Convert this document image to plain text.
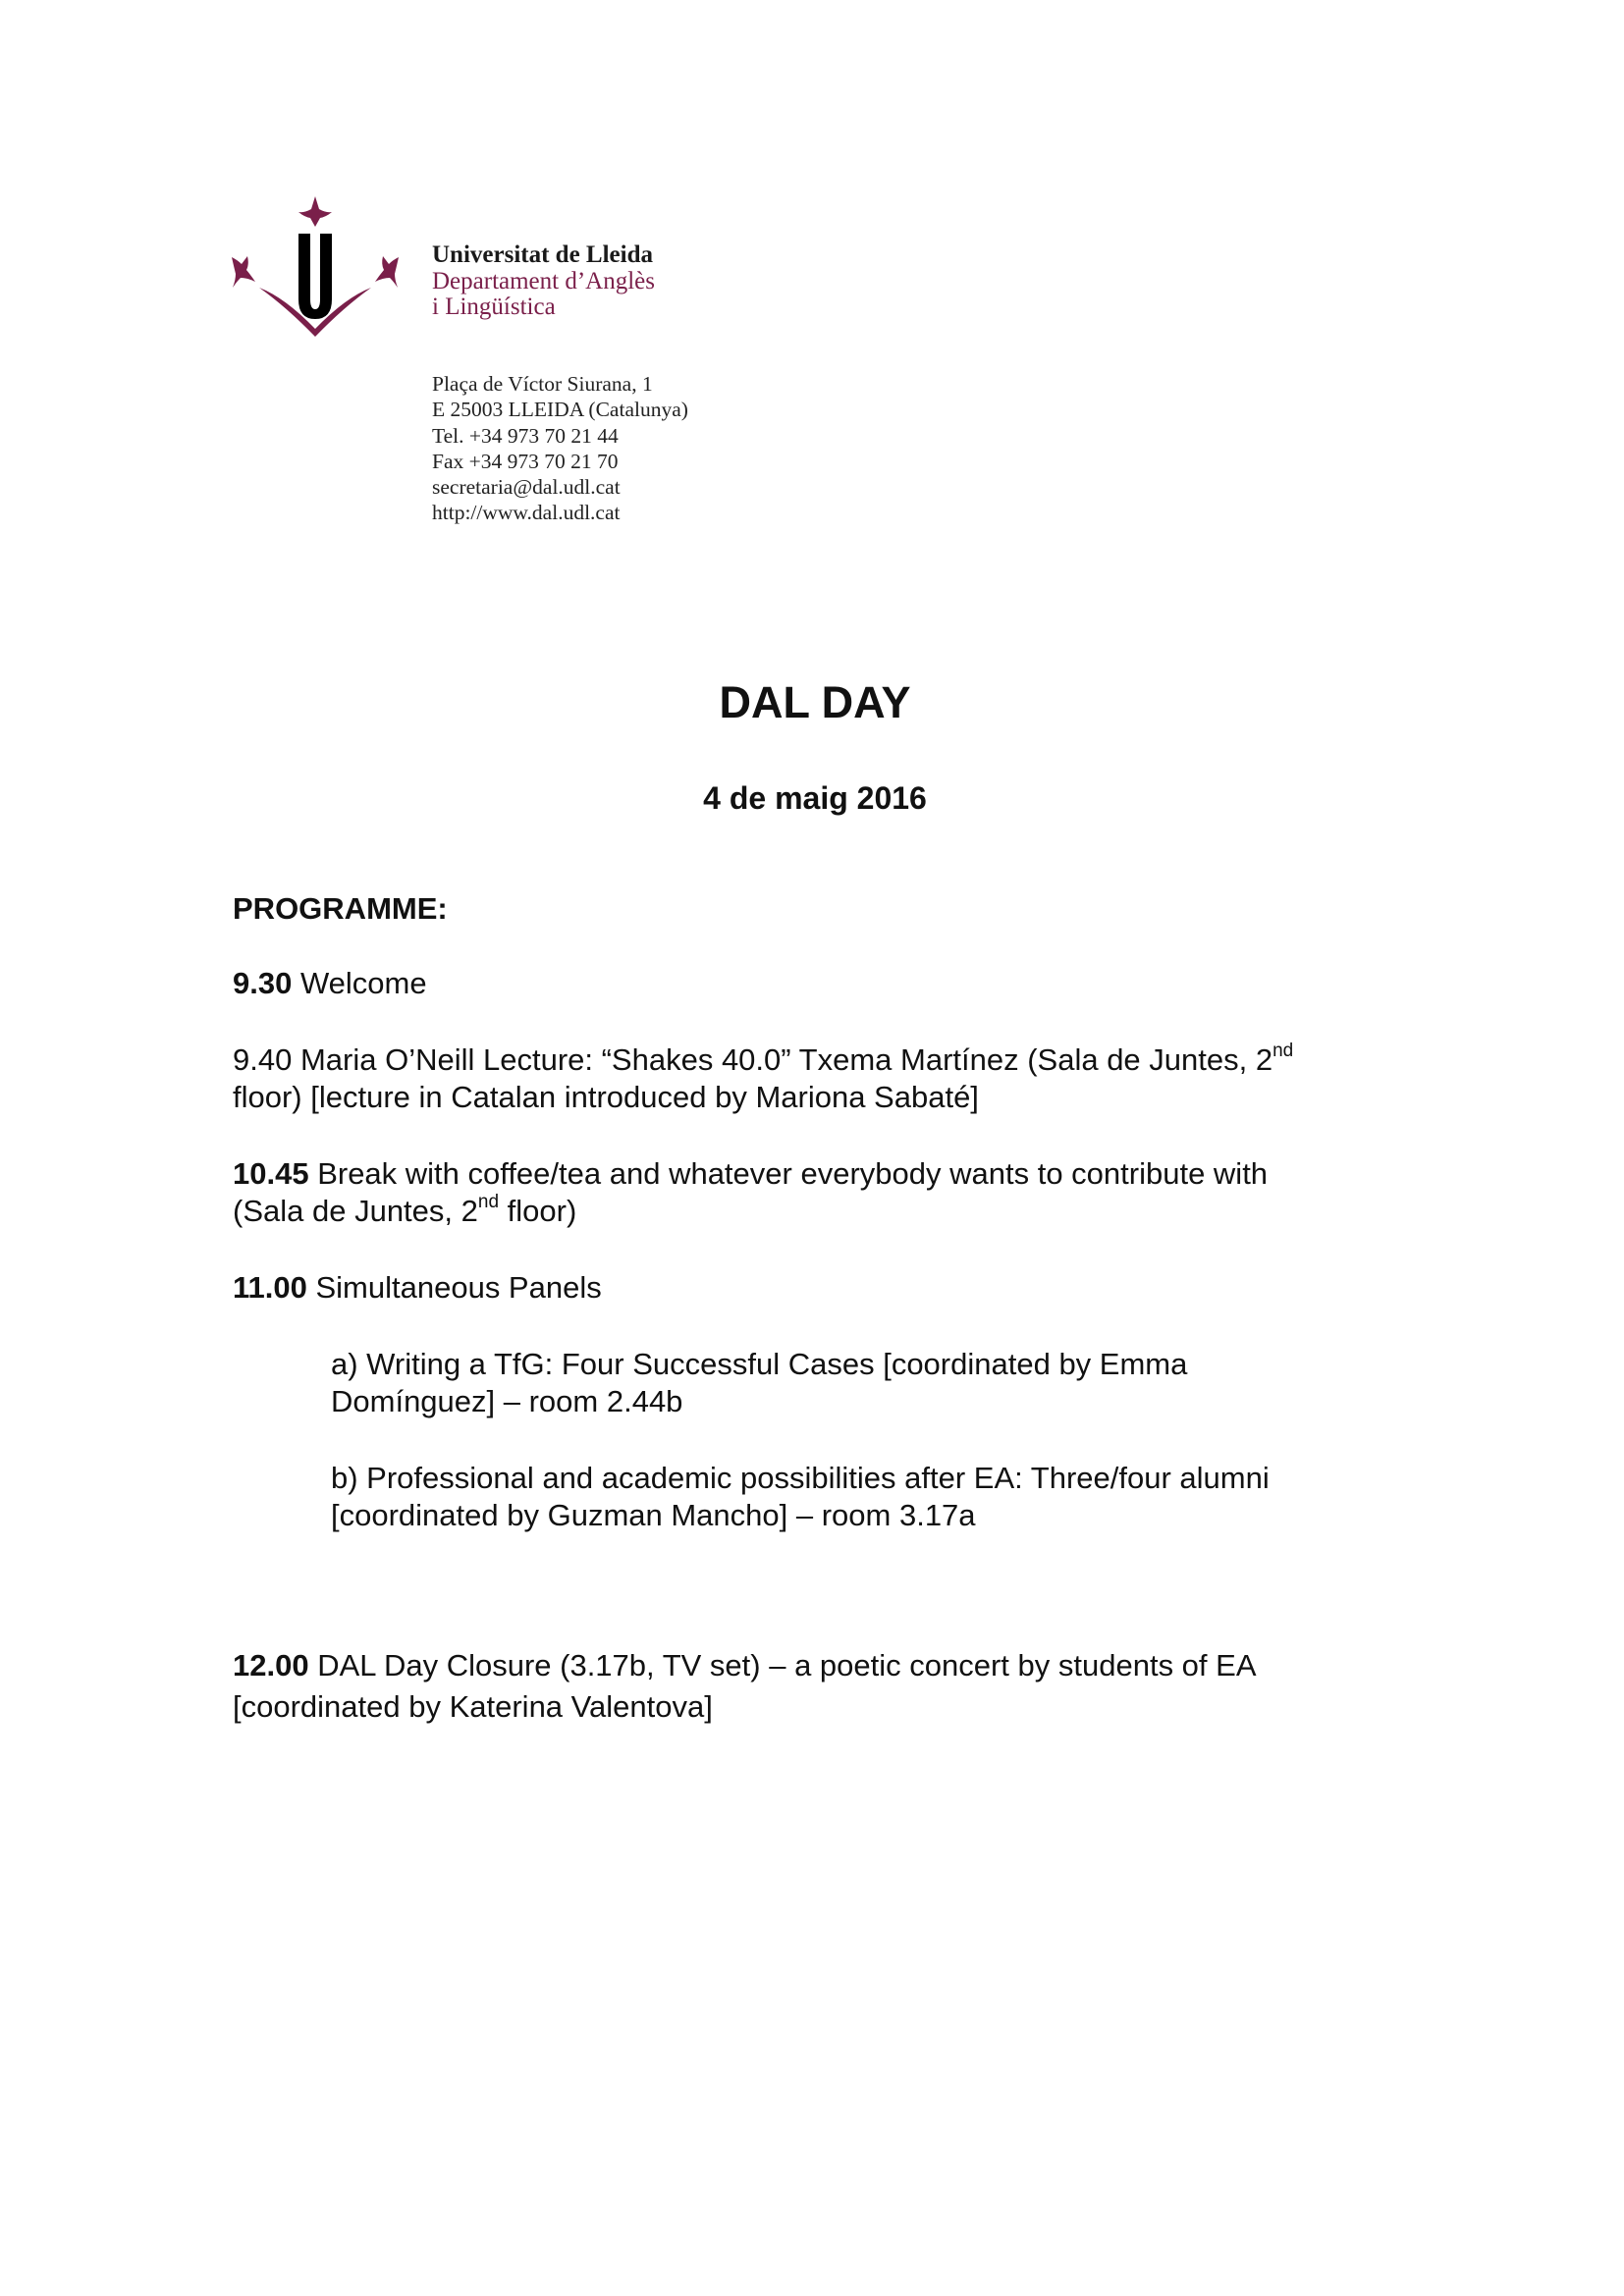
Universitat de Lleida
Departament d’Anglès
i Lingüística
Plaça de Víctor Siurana, 1
E 25003 LLEIDA (Catalunya)
Tel. +34 973 70 21 44
Fax +34 973 70 21 70
secretaria@dal.udl.cat
http://www.dal.udl.cat
DAL DAY
4 de maig 2016
PROGRAMME:
9.30 Welcome
9.40 Maria O’Neill Lecture: “Shakes 40.0” Txema Martínez (Sala de Juntes, 2nd
floor) [lecture in Catalan introduced by Mariona Sabaté]
10.45 Break with coffee/tea and whatever everybody wants to contribute with
(Sala de Juntes, 2nd floor)
11.00 Simultaneous Panels
a) Writing a TfG: Four Successful Cases [coordinated by Emma
Domínguez] – room 2.44b
b) Professional and academic possibilities after EA: Three/four alumni
[coordinated by Guzman Mancho] – room 3.17a
12.00 DAL Day Closure (3.17b, TV set) – a poetic concert by students of EA
[coordinated by Katerina Valentova]
